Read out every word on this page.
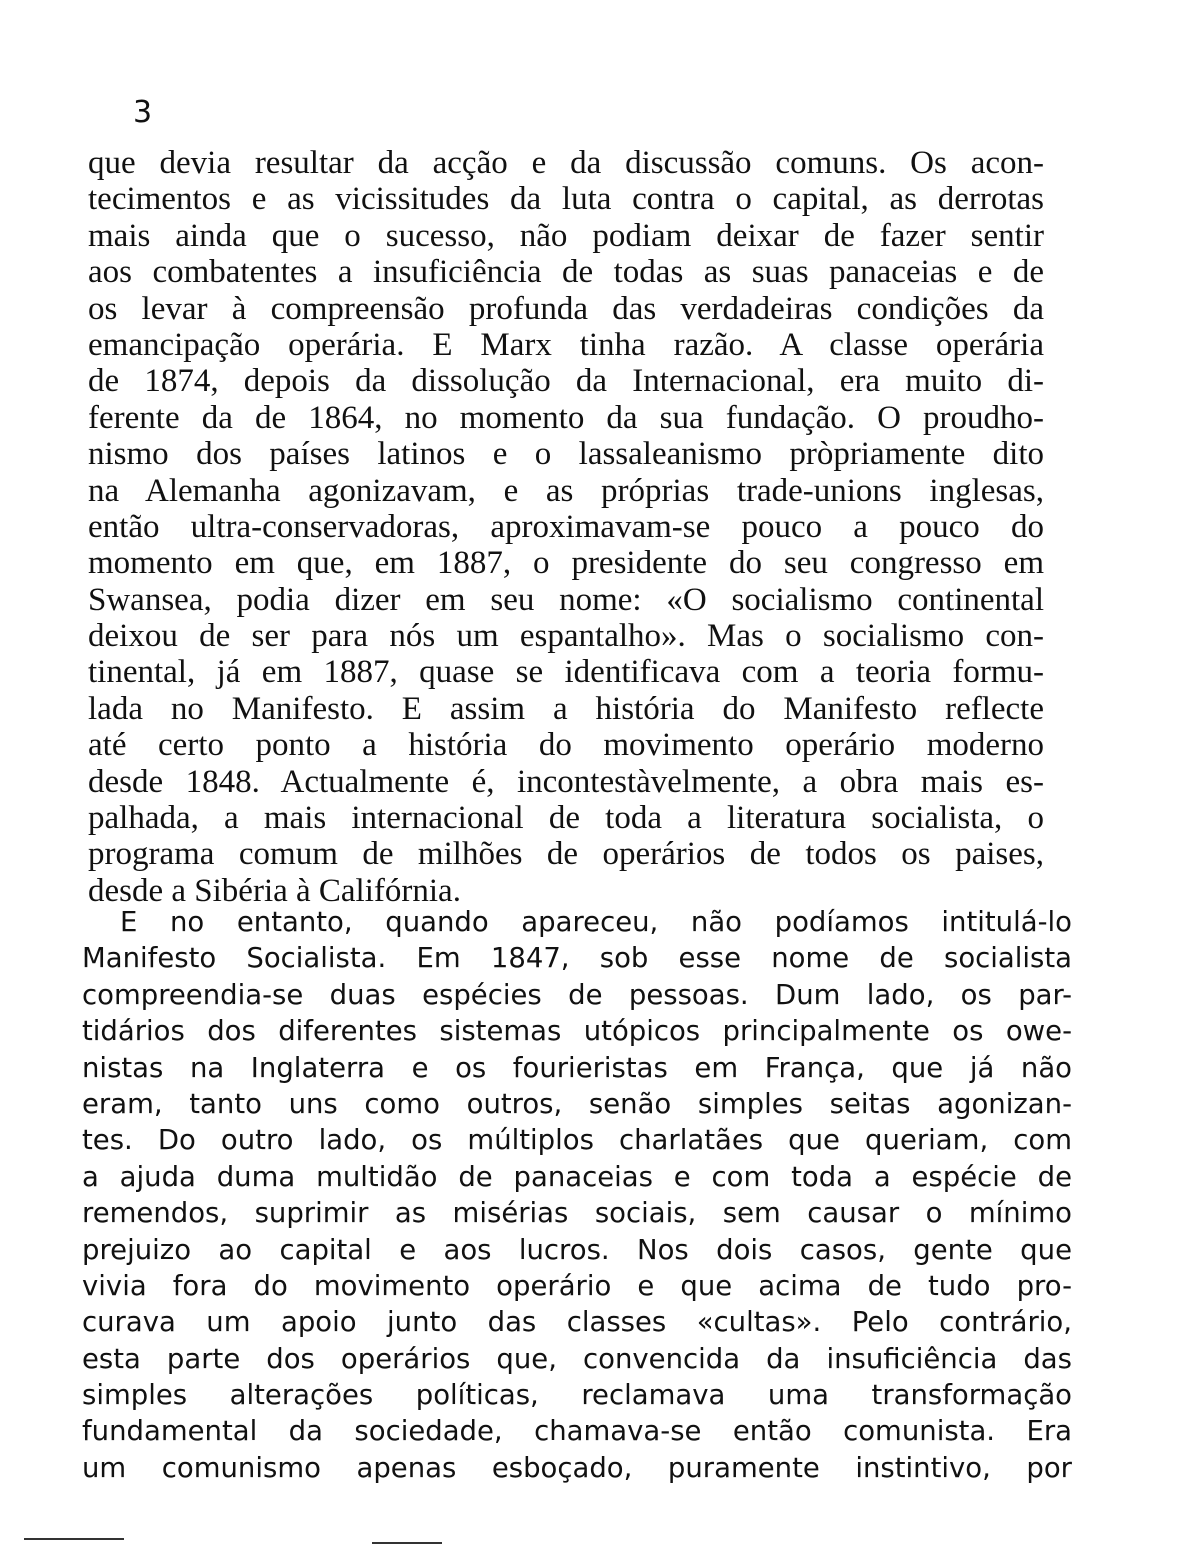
3
que devia resultar da acção e da discussão comuns. Os acon-
tecimentos e as vicissitudes da luta contra o capital, as derrotas
mais ainda que o sucesso, não podiam deixar de fazer sentir
aos combatentes a insuficiência de todas as suas panaceias e de
os levar à compreensão profunda das verdadeiras condições da
emancipação operária. E Marx tinha razão. A classe operária
de 1874, depois da dissolução da Internacional, era muito di-
ferente da de 1864, no momento da sua fundação. O proudho-
nismo dos países latinos e o lassaleanismo pròpriamente dito
na Alemanha agonizavam, e as próprias trade-unions inglesas,
então ultra-conservadoras, aproximavam-se pouco a pouco do
momento em que, em 1887, o presidente do seu congresso em
Swansea, podia dizer em seu nome: «O socialismo continental
deixou de ser para nós um espantalho». Mas o socialismo con-
tinental, já em 1887, quase se identificava com a teoria formu-
lada no Manifesto. E assim a história do Manifesto reflecte
até certo ponto a história do movimento operário moderno
desde 1848. Actualmente é, incontestàvelmente, a obra mais es-
palhada, a mais internacional de toda a literatura socialista, o
programa comum de milhões de operários de todos os paises,
desde a Sibéria à Califórnia.
E no entanto, quando apareceu, não podíamos intitulá-lo
Manifesto Socialista. Em 1847, sob esse nome de socialista
compreendia-se duas espécies de pessoas. Dum lado, os par-
tidários dos diferentes sistemas utópicos principalmente os owe-
nistas na Inglaterra e os fourieristas em França, que já não
eram, tanto uns como outros, senão simples seitas agonizan-
tes. Do outro lado, os múltiplos charlatães que queriam, com
a ajuda duma multidão de panaceias e com toda a espécie de
remendos, suprimir as misérias sociais, sem causar o mínimo
prejuizo ao capital e aos lucros. Nos dois casos, gente que
vivia fora do movimento operário e que acima de tudo pro-
curava um apoio junto das classes «cultas». Pelo contrário,
esta parte dos operários que, convencida da insuficiência das
simples alterações políticas, reclamava uma transformação
fundamental da sociedade, chamava-se então comunista. Era
um comunismo apenas esboçado, puramente instintivo, por
